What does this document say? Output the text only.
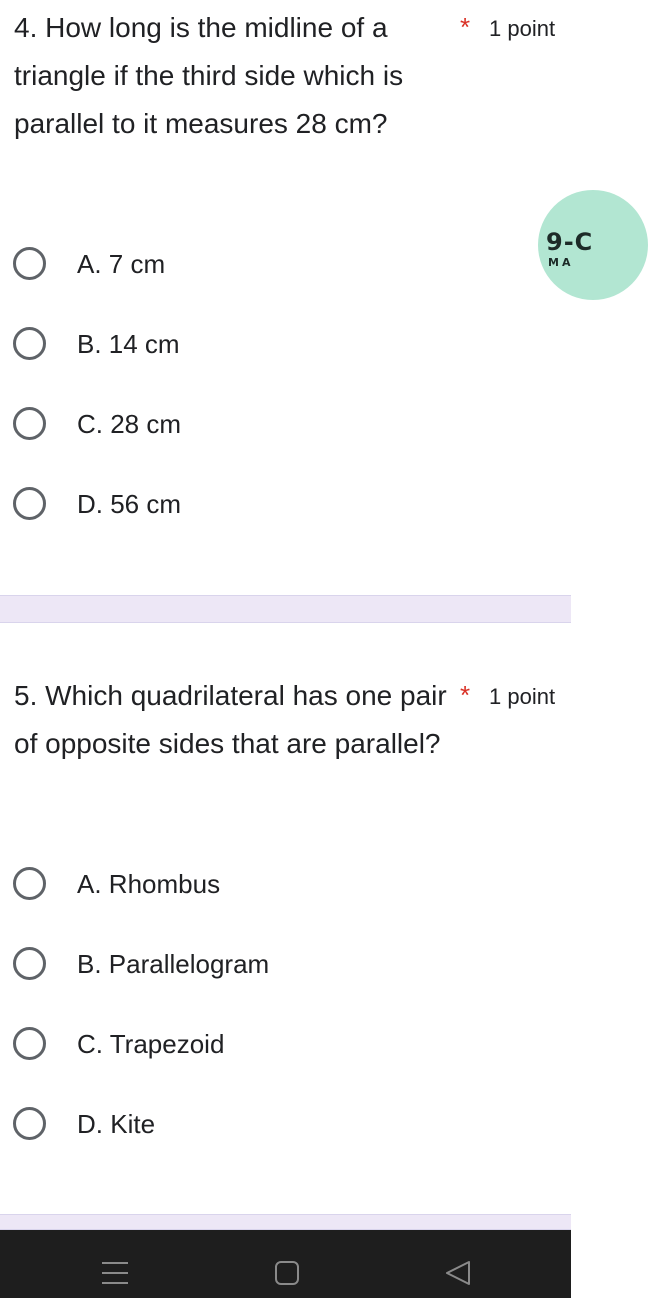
4. How long is the midline of a triangle if the third side which is parallel to it measures 28 cm?
* 1 point
A. 7 cm
B. 14 cm
C. 28 cm
D. 56 cm
9-C
MA
5. Which quadrilateral has one pair of opposite sides that are parallel?
* 1 point
A. Rhombus
B. Parallelogram
C. Trapezoid
D. Kite
